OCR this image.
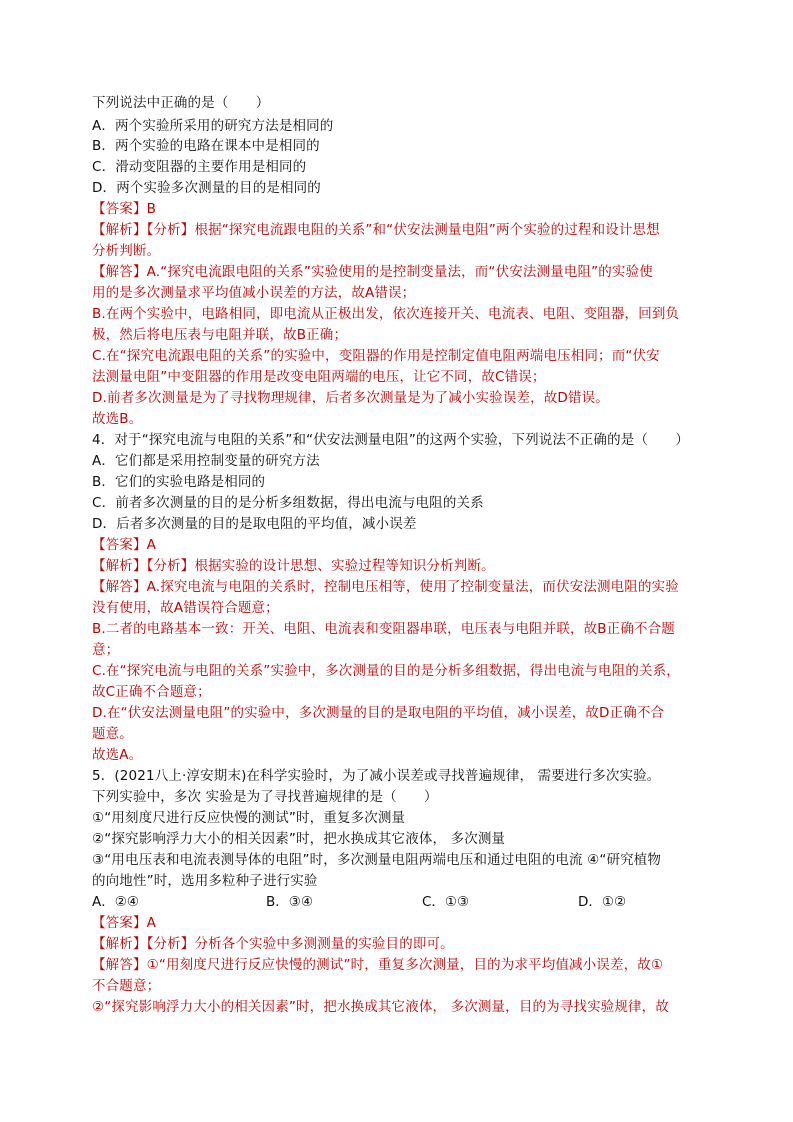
下列说法中正确的是（　　）
A．两个实验所采用的研究方法是相同的
B．两个实验的电路在课本中是相同的
C．滑动变阻器的主要作用是相同的
D．两个实验多次测量的目的是相同的
【答案】B
【解析】【分析】根据“探究电流跟电阻的关系”和“伏安法测量电阻”两个实验的过程和设计思想
分析判断。
【解答】A.“探究电流跟电阻的关系”实验使用的是控制变量法，而“伏安法测量电阻”的实验使
用的是多次测量求平均值减小误差的方法，故A错误；
B.在两个实验中，电路相同，即电流从正极出发，依次连接开关、电流表、电阻、变阻器，回到负
极，然后将电压表与电阻并联，故B正确；
C.在“探究电流跟电阻的关系”的实验中，变阻器的作用是控制定值电阻两端电压相同；而“伏安
法测量电阻”中变阻器的作用是改变电阻两端的电压，让它不同，故C错误；
D.前者多次测量是为了寻找物理规律，后者多次测量是为了减小实验误差，故D错误。
故选B。
4．对于“探究电流与电阻的关系”和“伏安法测量电阻”的这两个实验，下列说法不正确的是（　　）
A．它们都是采用控制变量的研究方法
B．它们的实验电路是相同的
C．前者多次测量的目的是分析多组数据，得出电流与电阻的关系
D．后者多次测量的目的是取电阻的平均值，减小误差
【答案】A
【解析】【分析】根据实验的设计思想、实验过程等知识分析判断。
【解答】A.探究电流与电阻的关系时，控制电压相等，使用了控制变量法，而伏安法测电阻的实验
没有使用，故A错误符合题意；
B.二者的电路基本一致：开关、电阻、电流表和变阻器串联，电压表与电阻并联，故B正确不合题
意；
C.在“探究电流与电阻的关系”实验中，多次测量的目的是分析多组数据，得出电流与电阻的关系，
故C正确不合题意；
D.在“伏安法测量电阻”的实验中，多次测量的目的是取电阻的平均值，减小误差，故D正确不合
题意。
故选A。
5．(2021八上·淳安期末)在科学实验时，为了减小误差或寻找普遍规律， 需要进行多次实验。
下列实验中，多次 实验是为了寻找普遍规律的是（　　）
①“用刻度尺进行反应快慢的测试”时，重复多次测量
②“探究影响浮力大小的相关因素”时，把水换成其它液体， 多次测量
③“用电压表和电流表测导体的电阻”时，多次测量电阻两端电压和通过电阻的电流 ④“研究植物
的向地性”时，选用多粒种子进行实验
A．②④	B．③④	C．①③	D．①②
【答案】A
【解析】【分析】分析各个实验中多测测量的实验目的即可。
【解答】①“用刻度尺进行反应快慢的测试”时，重复多次测量，目的为求平均值减小误差，故①
不合题意；
②“探究影响浮力大小的相关因素”时，把水换成其它液体， 多次测量，目的为寻找实验规律，故
